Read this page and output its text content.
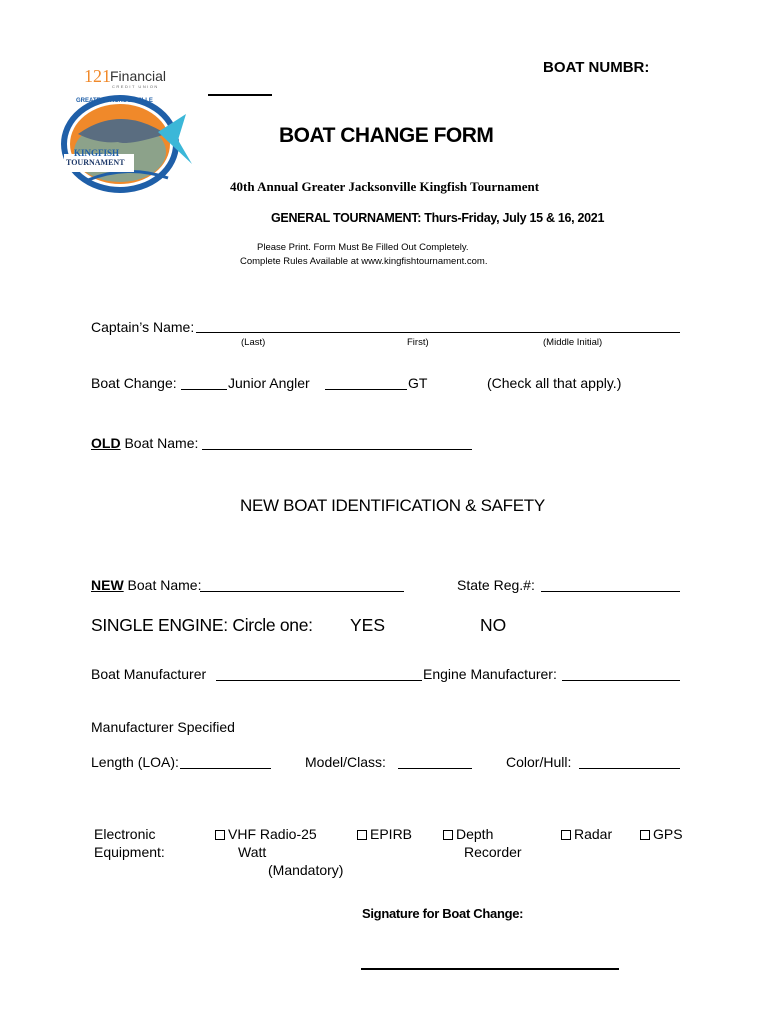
121 Financial
CREDIT UNION
GREATER JACKSONVILLE
KINGFISH
TOURNAMENT
BOAT NUMBR:
BOAT CHANGE FORM
40th Annual Greater Jacksonville Kingfish Tournament
GENERAL TOURNAMENT: Thurs-Friday, July 15 & 16, 2021
Please Print. Form Must Be Filled Out Completely.
Complete Rules Available at www.kingfishtournament.com.
Captain’s Name:
(Last)	First)	(Middle Initial)
Boat Change:	Junior Angler	GT	(Check all that apply.)
OLD Boat Name:
NEW BOAT IDENTIFICATION & SAFETY
NEW Boat Name:	State Reg.#:
SINGLE ENGINE: Circle one: YES	NO
Boat Manufacturer	Engine Manufacturer:
Manufacturer Specified
Length (LOA):	Model/Class:	Color/Hull:
Electronic
Equipment:
VHF Radio-25
Watt
(Mandatory)
EPIRB	Depth
Recorder
Radar	GPS
Signature for Boat Change:
